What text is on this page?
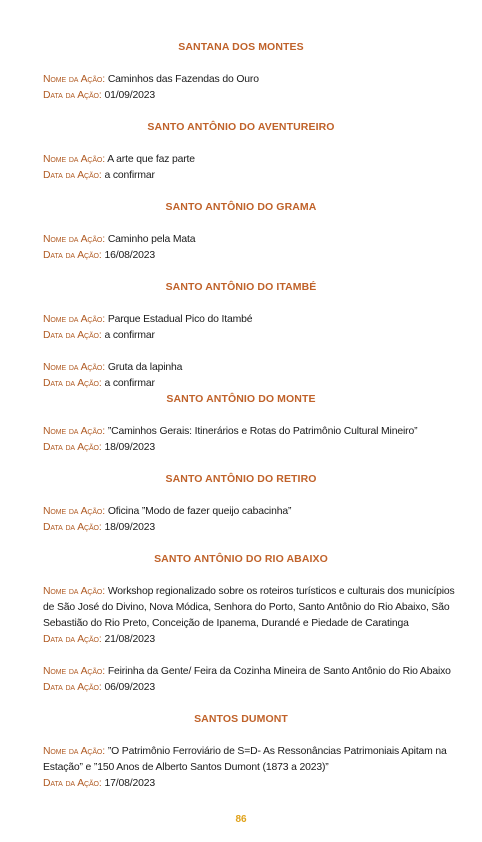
SANTANA DOS MONTES
Nome da Ação: Caminhos das Fazendas do Ouro
Data da Ação: 01/09/2023
SANTO ANTÔNIO DO AVENTUREIRO
Nome da Ação: A arte que faz parte
Data da Ação: a confirmar
SANTO ANTÔNIO DO GRAMA
Nome da Ação: Caminho pela Mata
Data da Ação: 16/08/2023
SANTO ANTÔNIO DO ITAMBÉ
Nome da Ação: Parque Estadual Pico do Itambé
Data da Ação: a confirmar
Nome da Ação: Gruta da lapinha
Data da Ação: a confirmar
SANTO ANTÔNIO DO MONTE
Nome da Ação: ”Caminhos Gerais: Itinerários e Rotas do Patrimônio Cultural Mineiro”
Data da Ação: 18/09/2023
SANTO ANTÔNIO DO RETIRO
Nome da Ação: Oficina ”Modo de fazer queijo cabacinha”
Data da Ação: 18/09/2023
SANTO ANTÔNIO DO RIO ABAIXO
Nome da Ação: Workshop regionalizado sobre os roteiros turísticos e culturais dos municípios
de São José do Divino, Nova Módica, Senhora do Porto, Santo Antônio do Rio Abaixo, São
Sebastião do Rio Preto, Conceição de Ipanema, Durandé e Piedade de Caratinga
Data da Ação: 21/08/2023
Nome da Ação: Feirinha da Gente/ Feira da Cozinha Mineira de Santo Antônio do Rio Abaixo
Data da Ação: 06/09/2023
SANTOS DUMONT
Nome da Ação: ”O Patrimônio Ferroviário de S=D- As Ressonâncias Patrimoniais Apitam na
Estação” e ”150 Anos de Alberto Santos Dumont (1873 a 2023)”
Data da Ação: 17/08/2023
86
